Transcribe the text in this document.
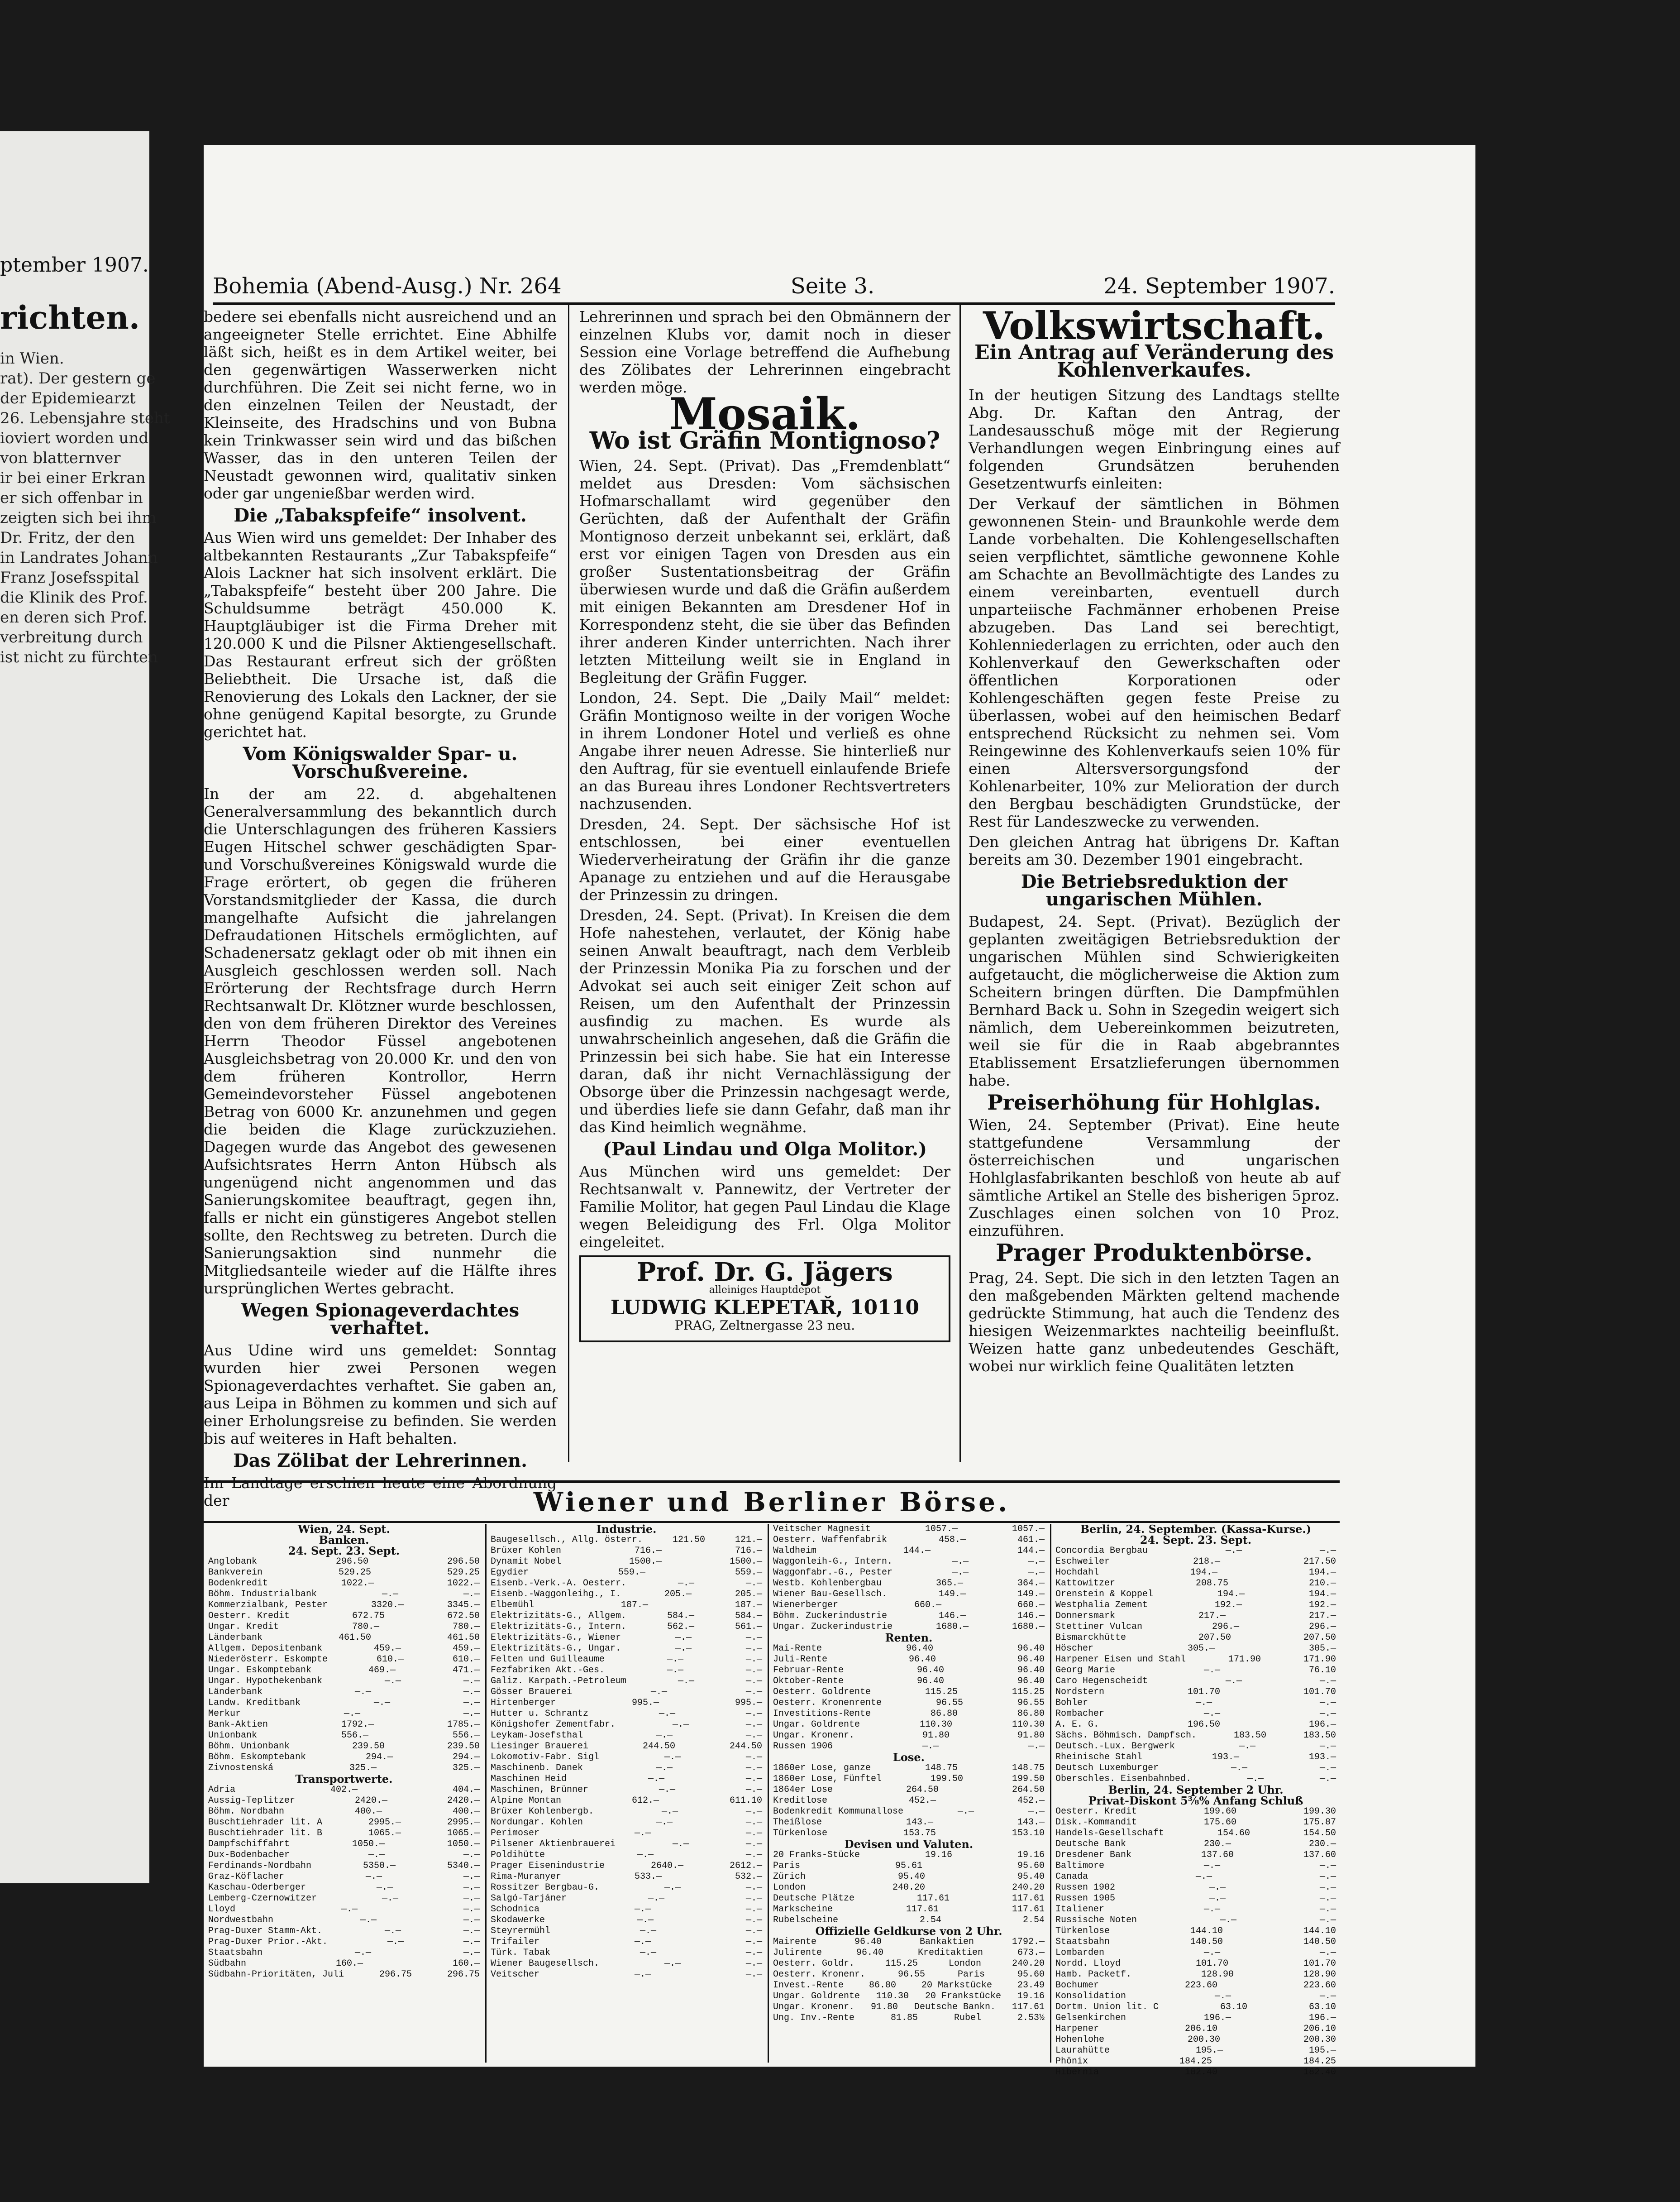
ptember 1907.
richten.
in Wien.
rat). Der gestern ge
der Epidemiearzt
26. Lebensjahre steht
ioviert worden und
von blatternver
ir bei einer Erkran
er sich offenbar in
zeigten sich bei ihm
Dr. Fritz, der den
in Landrates Johann
Franz Josefsspital
die Klinik des Prof.
en deren sich Prof.
verbreitung durch
ist nicht zu fürchten
Bohemia (Abend-Ausg.) Nr. 264	Seite 3.	24. September 1907.

bedere sei ebenfalls nicht ausreichend und an angeeigneter Stelle errichtet. Eine Abhilfe läßt sich, heißt es in dem Artikel weiter, bei den gegenwärtigen Wasserwerken nicht durchführen. Die Zeit sei nicht ferne, wo in den einzelnen Teilen der Neustadt, der Kleinseite, des Hradschins und von Bubna kein Trinkwasser sein wird und das bißchen Wasser, das in den unteren Teilen der Neustadt gewonnen wird, qualitativ sinken oder gar ungenießbar werden wird.

Die „Tabakspfeife“ insolvent.

Aus Wien wird uns gemeldet: Der Inhaber des altbekannten Restaurants „Zur Tabakspfeife“ Alois Lackner hat sich insolvent erklärt. Die „Tabakspfeife“ besteht über 200 Jahre. Die Schuldsumme beträgt 450.000 K. Hauptgläubiger ist die Firma Dreher mit 120.000 K und die Pilsner Aktiengesellschaft. Das Restaurant erfreut sich der größten Beliebtheit. Die Ursache ist, daß die Renovierung des Lokals den Lackner, der sie ohne genügend Kapital besorgte, zu Grunde gerichtet hat.

Vom Königswalder Spar- u. Vorschußvereine.

In der am 22. d. abgehaltenen Generalversammlung des bekanntlich durch die Unterschlagungen des früheren Kassiers Eugen Hitschel schwer geschädigten Spar- und Vorschußvereines Königswald wurde die Frage erörtert, ob gegen die früheren Vorstandsmitglieder der Kassa, die durch mangelhafte Aufsicht die jahrelangen Defraudationen Hitschels ermöglichten, auf Schadenersatz geklagt oder ob mit ihnen ein Ausgleich geschlossen werden soll. Nach Erörterung der Rechtsfrage durch Herrn Rechtsanwalt Dr. Klötzner wurde beschlossen, den von dem früheren Direktor des Vereines Herrn Theodor Füssel angebotenen Ausgleichsbetrag von 20.000 Kr. und den von dem früheren Kontrollor, Herrn Gemeindevorsteher Füssel angebotenen Betrag von 6000 Kr. anzunehmen und gegen die beiden die Klage zurückzuziehen. Dagegen wurde das Angebot des gewesenen Aufsichtsrates Herrn Anton Hübsch als ungenügend nicht angenommen und das Sanierungskomitee beauftragt, gegen ihn, falls er nicht ein günstigeres Angebot stellen sollte, den Rechtsweg zu betreten. Durch die Sanierungsaktion sind nunmehr die Mitgliedsanteile wieder auf die Hälfte ihres ursprünglichen Wertes gebracht.

Wegen Spionageverdachtes verhaftet.

Aus Udine wird uns gemeldet: Sonntag wurden hier zwei Personen wegen Spionageverdachtes verhaftet. Sie gaben an, aus Leipa in Böhmen zu kommen und sich auf einer Erholungsreise zu befinden. Sie werden bis auf weiteres in Haft behalten.

Das Zölibat der Lehrerinnen.

Im Landtage erschien heute eine Abordnung der

Lehrerinnen und sprach bei den Obmännern der einzelnen Klubs vor, damit noch in dieser Session eine Vorlage betreffend die Aufhebung des Zölibates der Lehrerinnen eingebracht werden möge.

Mosaik.
Wo ist Gräfin Montignoso?

Wien, 24. Sept. (Privat). Das „Fremdenblatt“ meldet aus Dresden: Vom sächsischen Hofmarschallamt wird gegenüber den Gerüchten, daß der Aufenthalt der Gräfin Montignoso derzeit unbekannt sei, erklärt, daß erst vor einigen Tagen von Dresden aus ein großer Sustentationsbeitrag der Gräfin überwiesen wurde und daß die Gräfin außerdem mit einigen Bekannten am Dresdener Hof in Korrespondenz steht, die sie über das Befinden ihrer anderen Kinder unterrichten. Nach ihrer letzten Mitteilung weilt sie in England in Begleitung der Gräfin Fugger.

London, 24. Sept. Die „Daily Mail“ meldet: Gräfin Montignoso weilte in der vorigen Woche in ihrem Londoner Hotel und verließ es ohne Angabe ihrer neuen Adresse. Sie hinterließ nur den Auftrag, für sie eventuell einlaufende Briefe an das Bureau ihres Londoner Rechtsvertreters nachzusenden.

Dresden, 24. Sept. Der sächsische Hof ist entschlossen, bei einer eventuellen Wiederverheiratung der Gräfin ihr die ganze Apanage zu entziehen und auf die Herausgabe der Prinzessin zu dringen.

Dresden, 24. Sept. (Privat). In Kreisen die dem Hofe nahestehen, verlautet, der König habe seinen Anwalt beauftragt, nach dem Verbleib der Prinzessin Monika Pia zu forschen und der Advokat sei auch seit einiger Zeit schon auf Reisen, um den Aufenthalt der Prinzessin ausfindig zu machen. Es wurde als unwahrscheinlich angesehen, daß die Gräfin die Prinzessin bei sich habe. Sie hat ein Interesse daran, daß ihr nicht Vernachlässigung der Obsorge über die Prinzessin nachgesagt werde, und überdies liefe sie dann Gefahr, daß man ihr das Kind heimlich wegnähme.

(Paul Lindau und Olga Molitor.)

Aus München wird uns gemeldet: Der Rechtsanwalt v. Pannewitz, der Vertreter der Familie Molitor, hat gegen Paul Lindau die Klage wegen Beleidigung des Frl. Olga Molitor eingeleitet.

Prof. Dr. G. Jägers
alleiniges Hauptdepot
LUDWIG KLEPETAŘ, 10110
PRAG, Zeltnergasse 23 neu.
Volkswirtschaft.
Ein Antrag auf Veränderung des Kohlenverkaufes.

In der heutigen Sitzung des Landtags stellte Abg. Dr. Kaftan den Antrag, der Landesausschuß möge mit der Regierung Verhandlungen wegen Einbringung eines auf folgenden Grundsätzen beruhenden Gesetzentwurfs einleiten:

Der Verkauf der sämtlichen in Böhmen gewonnenen Stein- und Braunkohle werde dem Lande vorbehalten. Die Kohlengesellschaften seien verpflichtet, sämtliche gewonnene Kohle am Schachte an Bevollmächtigte des Landes zu einem vereinbarten, eventuell durch unparteiische Fachmänner erhobenen Preise abzugeben. Das Land sei berechtigt, Kohlenniederlagen zu errichten, oder auch den Kohlenverkauf den Gewerkschaften oder öffentlichen Korporationen oder Kohlengeschäften gegen feste Preise zu überlassen, wobei auf den heimischen Bedarf entsprechend Rücksicht zu nehmen sei. Vom Reingewinne des Kohlenverkaufs seien 10% für einen Altersversorgungsfond der Kohlenarbeiter, 10% zur Melioration der durch den Bergbau beschädigten Grundstücke, der Rest für Landeszwecke zu verwenden.

Den gleichen Antrag hat übrigens Dr. Kaftan bereits am 30. Dezember 1901 eingebracht.

Die Betriebsreduktion der ungarischen Mühlen.

Budapest, 24. Sept. (Privat). Bezüglich der geplanten zweitägigen Betriebsreduktion der ungarischen Mühlen sind Schwierigkeiten aufgetaucht, die möglicherweise die Aktion zum Scheitern bringen dürften. Die Dampfmühlen Bernhard Back u. Sohn in Szegedin weigert sich nämlich, dem Uebereinkommen beizutreten, weil sie für die in Raab abgebranntes Etablissement Ersatzlieferungen übernommen habe.

Preiserhöhung für Hohlglas.

Wien, 24. September (Privat). Eine heute stattgefundene Versammlung der österreichischen und ungarischen Hohlglasfabrikanten beschloß von heute ab auf sämtliche Artikel an Stelle des bisherigen 5proz. Zuschlages einen solchen von 10 Proz. einzuführen.

Prager Produktenbörse.

Prag, 24. Sept. Die sich in den letzten Tagen an den maßgebenden Märkten geltend machende gedrückte Stimmung, hat auch die Tendenz des hiesigen Weizenmarktes nachteilig beeinflußt. Weizen hatte ganz unbedeutendes Geschäft, wobei nur wirklich feine Qualitäten letzten

Wiener und Berliner Börse.
Wien, 24. Sept.
Banken.
24. Sept. 23. Sept.
Anglobank	296.50	296.50
Bankverein	529.25	529.25
Bodenkredit	1022.—	1022.—
Böhm. Industrialbank	—.—	—.—
Kommerzialbank, Pester	3320.—	3345.—
Oesterr. Kredit	672.75	672.50
Ungar. Kredit	780.—	780.—
Länderbank	461.50	461.50
Allgem. Depositenbank	459.—	459.—
Niederösterr. Eskompte	610.—	610.—
Ungar. Eskomptebank	469.—	471.—
Ungar. Hypothekenbank	—.—	—.—
Länderbank	—.—	—.—
Landw. Kreditbank	—.—	—.—
Merkur	—.—	—.—
Bank-Aktien	1792.—	1785.—
Unionbank	556.—	556.—
Böhm. Unionbank	239.50	239.50
Böhm. Eskomptebank	294.—	294.—
Zivnostenská	325.—	325.—
Transportwerte.
Adria	402.—	404.—
Aussig-Teplitzer	2420.—	2420.—
Böhm. Nordbahn	400.—	400.—
Buschtiehrader lit. A	2995.—	2995.—
Buschtiehrader lit. B	1065.—	1065.—
Dampfschiffahrt	1050.—	1050.—
Dux-Bodenbacher	—.—	—.—
Ferdinands-Nordbahn	5350.—	5340.—
Graz-Köflacher	—.—	—.—
Kaschau-Oderberger	—.—	—.—
Lemberg-Czernowitzer	—.—	—.—
Lloyd	—.—	—.—
Nordwestbahn	—.—	—.—
Prag-Duxer Stamm-Akt.	—.—	—.—
Prag-Duxer Prior.-Akt.	—.—	—.—
Staatsbahn	—.—	—.—
Südbahn	160.—	160.—
Südbahn-Prioritäten, Juli	296.75	296.75
Industrie.
Baugesellsch., Allg. österr.	121.50	121.—
Brüxer Kohlen	716.—	716.—
Dynamit Nobel	1500.—	1500.—
Egydier	559.—	559.—
Eisenb.-Verk.-A. Oesterr.	—.—	—.—
Eisenb.-Waggonleihg., I.	205.—	205.—
Elbemühl	187.—	187.—
Elektrizitäts-G., Allgem.	584.—	584.—
Elektrizitäts-G., Intern.	562.—	561.—
Elektrizitäts-G., Wiener	—.—	—.—
Elektrizitäts-G., Ungar.	—.—	—.—
Felten und Guilleaume	—.—	—.—
Fezfabriken Akt.-Ges.	—.—	—.—
Galiz. Karpath.-Petroleum	—.—	—.—
Gösser Brauerei	—.—	—.—
Hirtenberger	995.—	995.—
Hutter u. Schrantz	—.—	—.—
Königshofer Zementfabr.	—.—	—.—
Leykam-Josefsthal	—.—	—.—
Liesinger Brauerei	244.50	244.50
Lokomotiv-Fabr. Sigl	—.—	—.—
Maschinenb. Danek	—.—	—.—
Maschinen Heid	—.—	—.—
Maschinen, Brünner	—.—	—.—
Alpine Montan	612.—	611.10
Brüxer Kohlenbergb.	—.—	—.—
Nordungar. Kohlen	—.—	—.—
Perimoser	—.—	—.—
Pilsener Aktienbrauerei	—.—	—.—
Poldihütte	—.—	—.—
Prager Eisenindustrie	2640.—	2612.—
Rima-Muranyer	533.—	532.—
Rossitzer Bergbau-G.	—.—	—.—
Salgó-Tarjáner	—.—	—.—
Schodnica	—.—	—.—
Skodawerke	—.—	—.—
Steyrermühl	—.—	—.—
Trifailer	—.—	—.—
Türk. Tabak	—.—	—.—
Wiener Baugesellsch.	—.—	—.—
Veitscher	—.—	—.—
Veitscher Magnesit	1057.—	1057.—
Oesterr. Waffenfabrik	458.—	461.—
Waldheim	144.—	144.—
Waggonleih-G., Intern.	—.—	—.—
Waggonfabr.-G., Pester	—.—	—.—
Westb. Kohlenbergbau	365.—	364.—
Wiener Bau-Gesellsch.	149.—	149.—
Wienerberger	660.—	660.—
Böhm. Zuckerindustrie	146.—	146.—
Ungar. Zuckerindustrie	1680.—	1680.—
Renten.
Mai-Rente	96.40	96.40
Juli-Rente	96.40	96.40
Februar-Rente	96.40	96.40
Oktober-Rente	96.40	96.40
Oesterr. Goldrente	115.25	115.25
Oesterr. Kronenrente	96.55	96.55
Investitions-Rente	86.80	86.80
Ungar. Goldrente	110.30	110.30
Ungar. Kronenr.	91.80	91.80
Russen 1906	—.—	—.—
Lose.
1860er Lose, ganze	148.75	148.75
1860er Lose, Fünftel	199.50	199.50
1864er Lose	264.50	264.50
Kreditlose	452.—	452.—
Bodenkredit Kommunallose	—.—	—.—
Theißlose	143.—	143.—
Türkenlose	153.75	153.10
Devisen und Valuten.
20 Franks-Stücke	19.16	19.16
Paris	95.61	95.60
Zürich	95.40	95.40
London	240.20	240.20
Deutsche Plätze	117.61	117.61
Markscheine	117.61	117.61
Rubelscheine	2.54	2.54
Offizielle Geldkurse von 2 Uhr.
Mairente	96.40	Bankaktien	1792.—
Julirente	96.40	Kreditaktien	673.—
Oesterr. Goldr.	115.25	London	240.20
Oesterr. Kronenr.	96.55	Paris	95.60
Invest.-Rente	86.80	20 Markstücke	23.49
Ungar. Goldrente 110.30 20 Frankstücke 19.16
Ungar. Kronenr. 91.80 Deutsche Bankn. 117.61
Ung. Inv.-Rente	81.85	Rubel	2.53½
Berlin, 24. September. (Kassa-Kurse.)
24. Sept. 23. Sept.
Concordia Bergbau	—.—	—.—
Eschweiler	218.—	217.50
Hochdahl	194.—	194.—
Kattowitzer	208.75	210.—
Orenstein & Koppel	194.—	194.—
Westphalia Zement	192.—	192.—
Donnersmark	217.—	217.—
Stettiner Vulcan	296.—	296.—
Bismarckhütte	207.50	207.50
Höscher	305.—	305.—
Harpener Eisen und Stahl	171.90	171.90
Georg Marie	—.—	76.10
Caro Hegenscheidt	—.—	—.—
Nordstern	101.70	101.70
Bohler	—.—	—.—
Rombacher	—.—	—.—
A. E. G.	196.50	196.—
Sächs. Böhmisch. Dampfsch.	183.50	183.50
Deutsch.-Lux. Bergwerk	—.—	—.—
Rheinische Stahl	193.—	193.—
Deutsch Luxemburger	—.—	—.—
Oberschles. Eisenbahnbed.	—.—	—.—
Berlin, 24. September 2 Uhr.
Privat-Diskont 5⅜% Anfang Schluß
Oesterr. Kredit	199.60	199.30
Disk.-Kommandit	175.60	175.87
Handels-Gesellschaft	154.60	154.50
Deutsche Bank	230.—	230.—
Dresdener Bank	137.60	137.60
Baltimore	—.—	—.—
Canada	—.—	—.—
Russen 1902	—.—	—.—
Russen 1905	—.—	—.—
Italiener	—.—	—.—
Russische Noten	—.—	—.—
Türkenlose	144.10	144.10
Staatsbahn	140.50	140.50
Lombarden	—.—	—.—
Nordd. Lloyd	101.70	101.70
Hamb. Packetf.	128.90	128.90
Bochumer	223.60	223.60
Konsolidation	—.—	—.—
Dortm. Union lit. C	63.10	63.10
Gelsenkirchen	196.—	196.—
Harpener	206.10	206.10
Hohenlohe	200.30	200.30
Laurahütte	195.—	195.—
Phönix	184.25	184.25
Hibernia	182.40	182.40
